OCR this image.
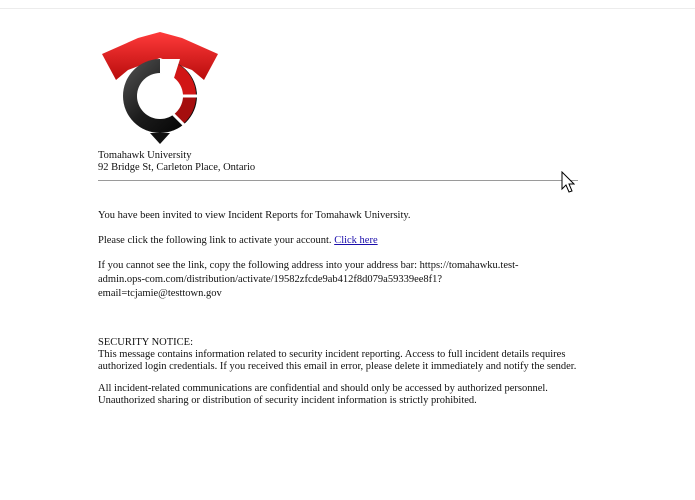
Tomahawk University
92 Bridge St, Carleton Place, Ontario

You have been invited to view Incident Reports for Tomahawk University.

Please click the following link to activate your account. Click here

If you cannot see the link, copy the following address into your address bar: https://tomahawku.test-
admin.ops-com.com/distribution/activate/19582zfcde9ab412f8d079a59339ee8f1?
email=tcjamie@testtown.gov

SECURITY NOTICE:
This message contains information related to security incident reporting. Access to full incident details requires authorized login credentials. If you received this email in error, please delete it immediately and notify the sender.

All incident-related communications are confidential and should only be accessed by authorized personnel. Unauthorized sharing or distribution of security incident information is strictly prohibited.
